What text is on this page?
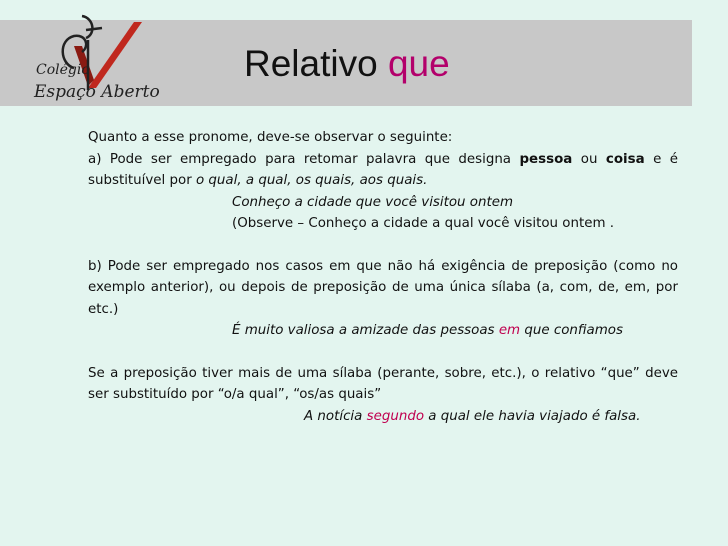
Colégio
Espaço Aberto
Relativo que

Quanto a esse pronome, deve-se observar o seguinte:

a) Pode ser empregado para retomar palavra que designa pessoa ou coisa e é substituível por o qual, a qual, os quais, aos quais.

Conheço a cidade que você visitou ontem

(Observe – Conheço a cidade a qual você visitou ontem .

b) Pode ser empregado nos casos em que não há exigência de preposição (como no exemplo anterior), ou depois de preposição de uma única sílaba (a, com, de, em, por etc.)

É muito valiosa a amizade das pessoas em que confiamos

Se a preposição tiver mais de uma sílaba (perante, sobre, etc.), o relativo “que” deve ser substituído por “o/a qual”, “os/as quais”

A notícia segundo a qual ele havia viajado é falsa.
